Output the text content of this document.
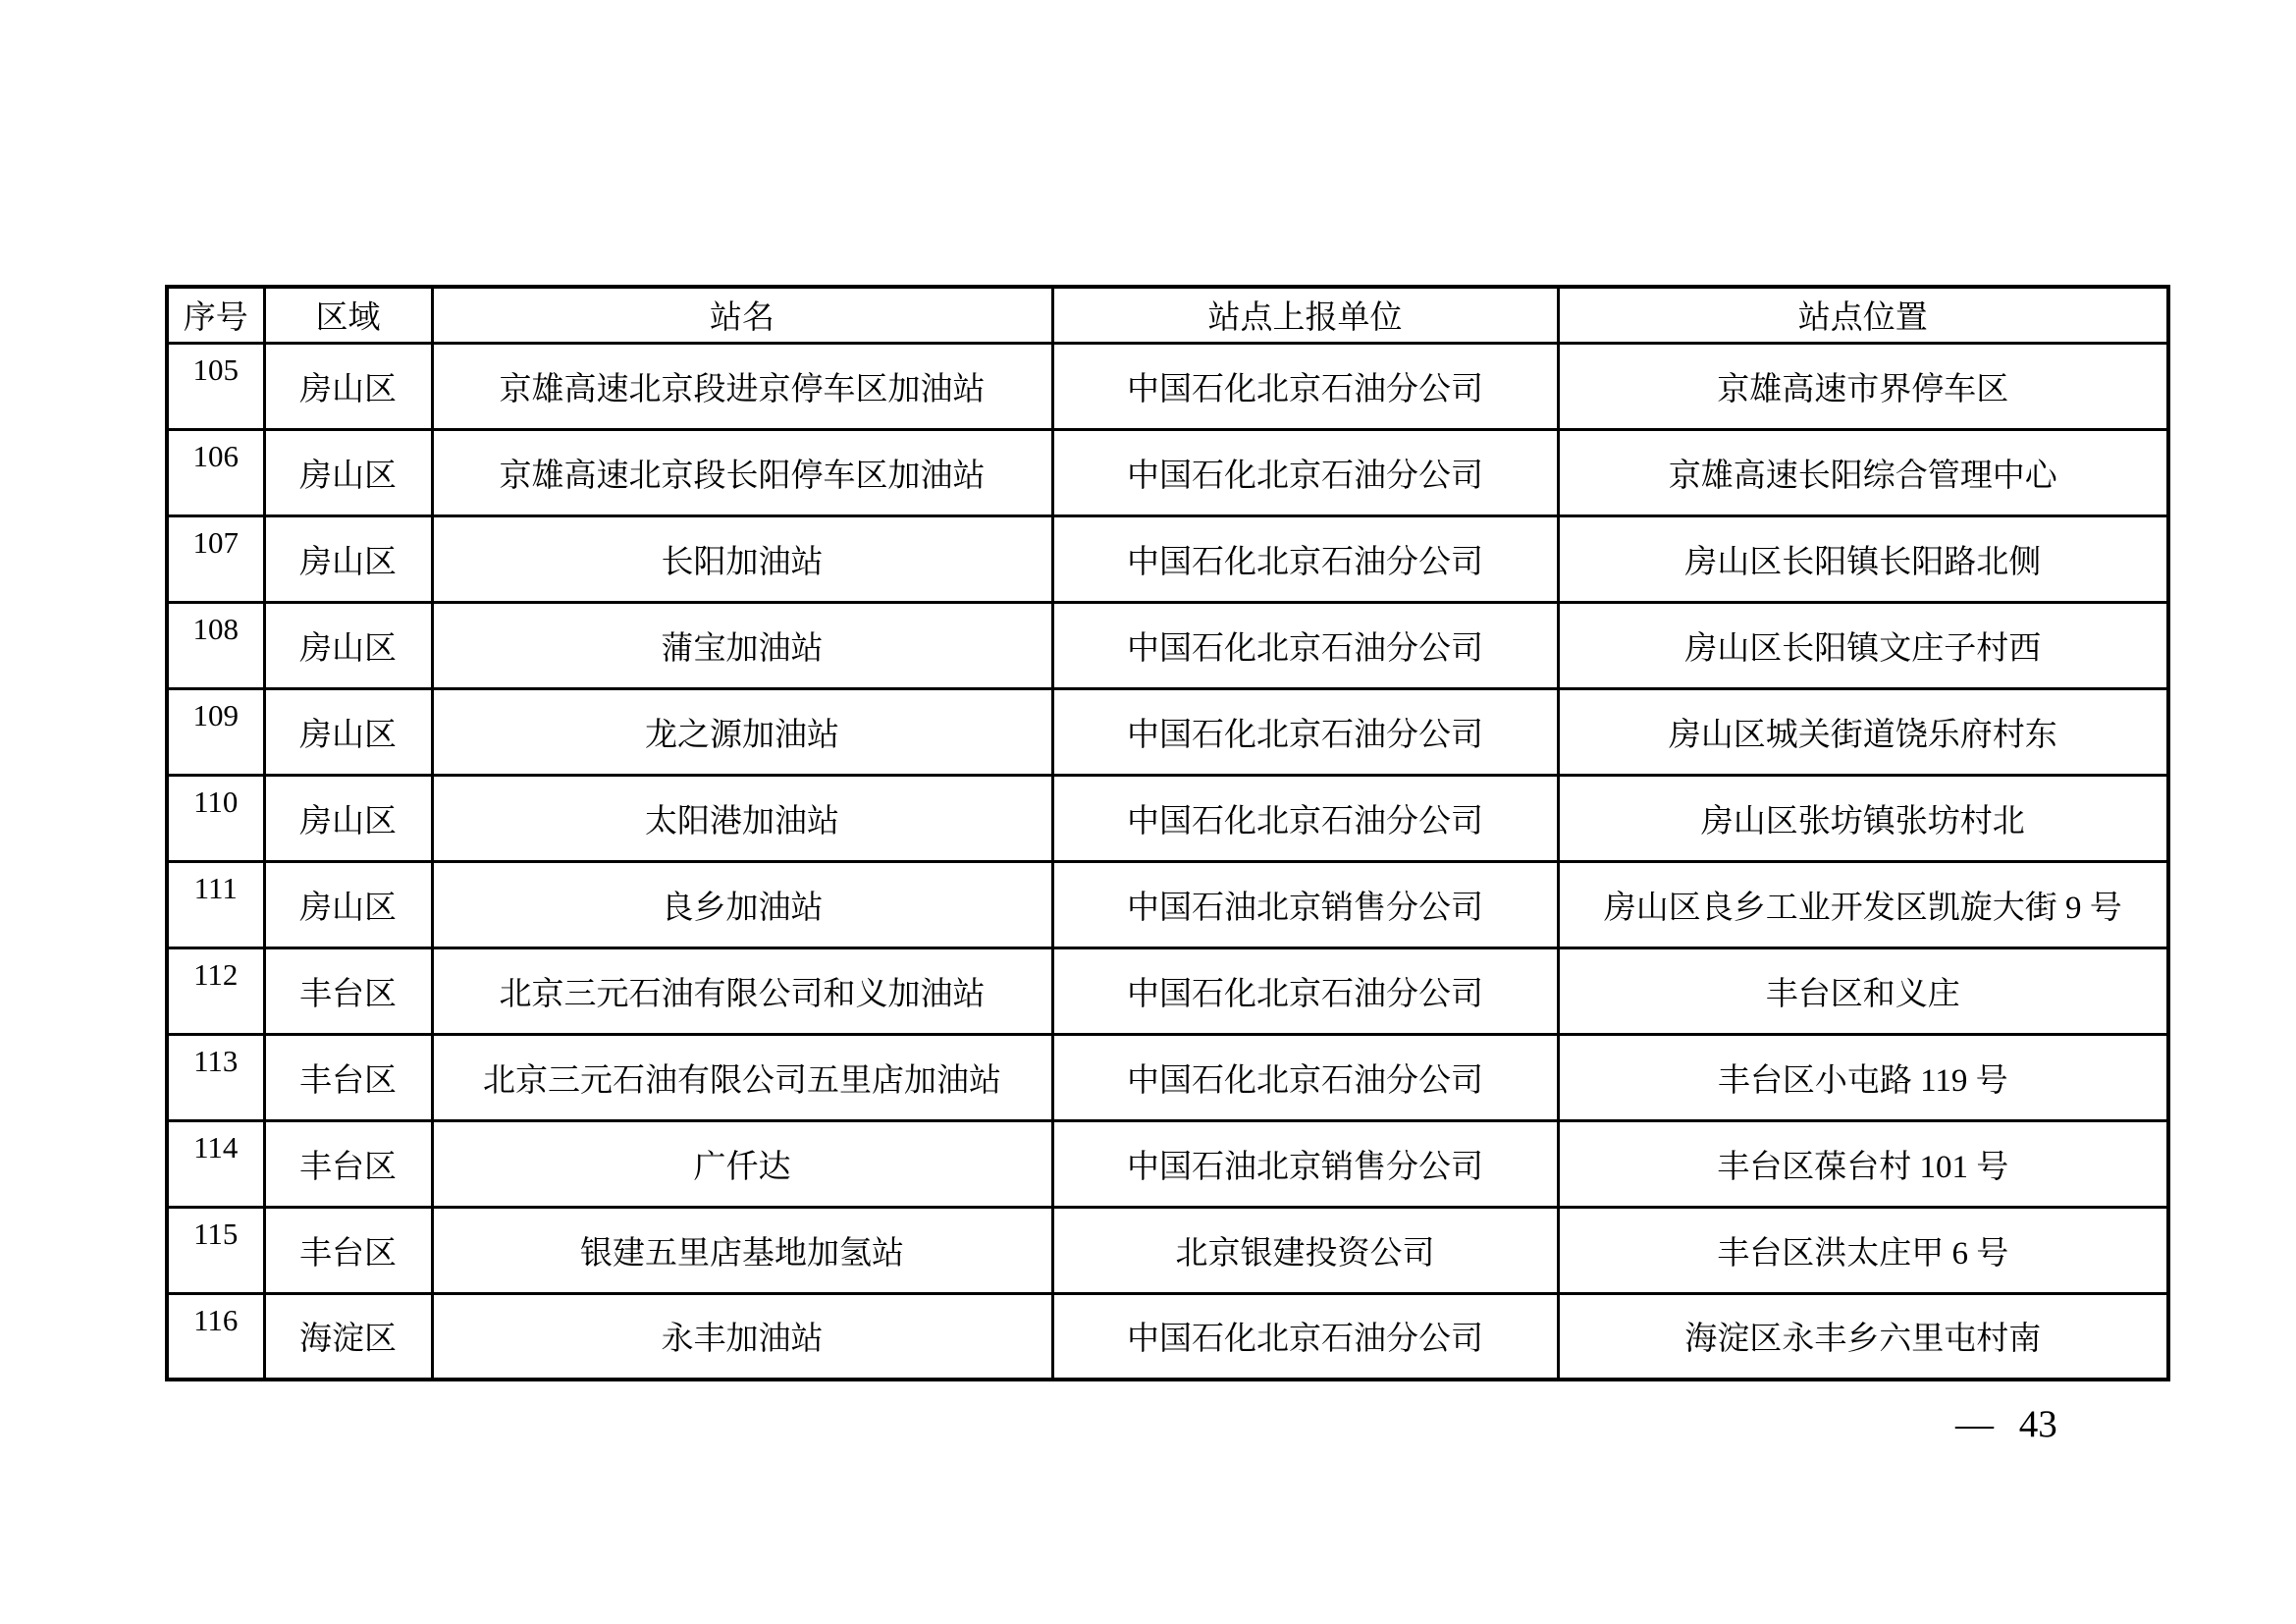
序号	区域	站名	站点上报单位	站点位置
105	房山区	京雄高速北京段进京停车区加油站	中国石化北京石油分公司	京雄高速市界停车区
106	房山区	京雄高速北京段长阳停车区加油站	中国石化北京石油分公司	京雄高速长阳综合管理中心
107	房山区	长阳加油站	中国石化北京石油分公司	房山区长阳镇长阳路北侧
108	房山区	蒲宝加油站	中国石化北京石油分公司	房山区长阳镇文庄子村西
109	房山区	龙之源加油站	中国石化北京石油分公司	房山区城关街道饶乐府村东
110	房山区	太阳港加油站	中国石化北京石油分公司	房山区张坊镇张坊村北
111	房山区	良乡加油站	中国石油北京销售分公司	房山区良乡工业开发区凯旋大街 9 号
112	丰台区	北京三元石油有限公司和义加油站	中国石化北京石油分公司	丰台区和义庄
113	丰台区	北京三元石油有限公司五里店加油站	中国石化北京石油分公司	丰台区小屯路 119 号
114	丰台区	广仟达	中国石油北京销售分公司	丰台区葆台村 101 号
115	丰台区	银建五里店基地加氢站	北京银建投资公司	丰台区洪太庄甲 6 号
116	海淀区	永丰加油站	中国石化北京石油分公司	海淀区永丰乡六里屯村南
— 43
